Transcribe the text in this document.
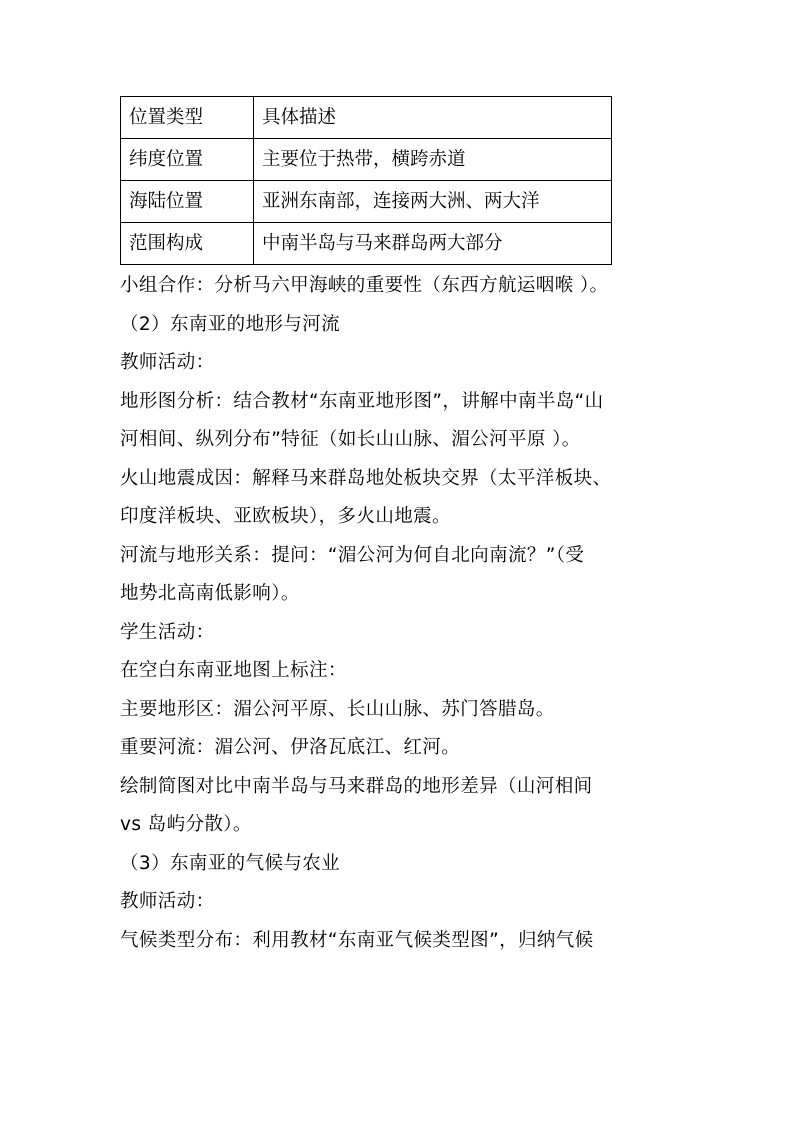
位置类型	具体描述
纬度位置	主要位于热带，横跨赤道
海陆位置	亚洲东南部，连接两大洲、两大洋
范围构成	中南半岛与马来群岛两大部分
小组合作：分析马六甲海峡的重要性（东西方航运咽喉 ）。
（2）东南亚的地形与河流
教师活动：
地形图分析：结合教材“东南亚地形图”，讲解中南半岛“山
河相间、纵列分布”特征（如长山山脉、湄公河平原 ）。
火山地震成因：解释马来群岛地处板块交界（太平洋板块、
印度洋板块、亚欧板块），多火山地震。
河流与地形关系：提问：“湄公河为何自北向南流？”（受
地势北高南低影响）。
学生活动：
在空白东南亚地图上标注：
主要地形区：湄公河平原、长山山脉、苏门答腊岛。
重要河流：湄公河、伊洛瓦底江、红河。
绘制简图对比中南半岛与马来群岛的地形差异（山河相间
vs 岛屿分散）。
（3）东南亚的气候与农业
教师活动：
气候类型分布：利用教材“东南亚气候类型图”，归纳气候
